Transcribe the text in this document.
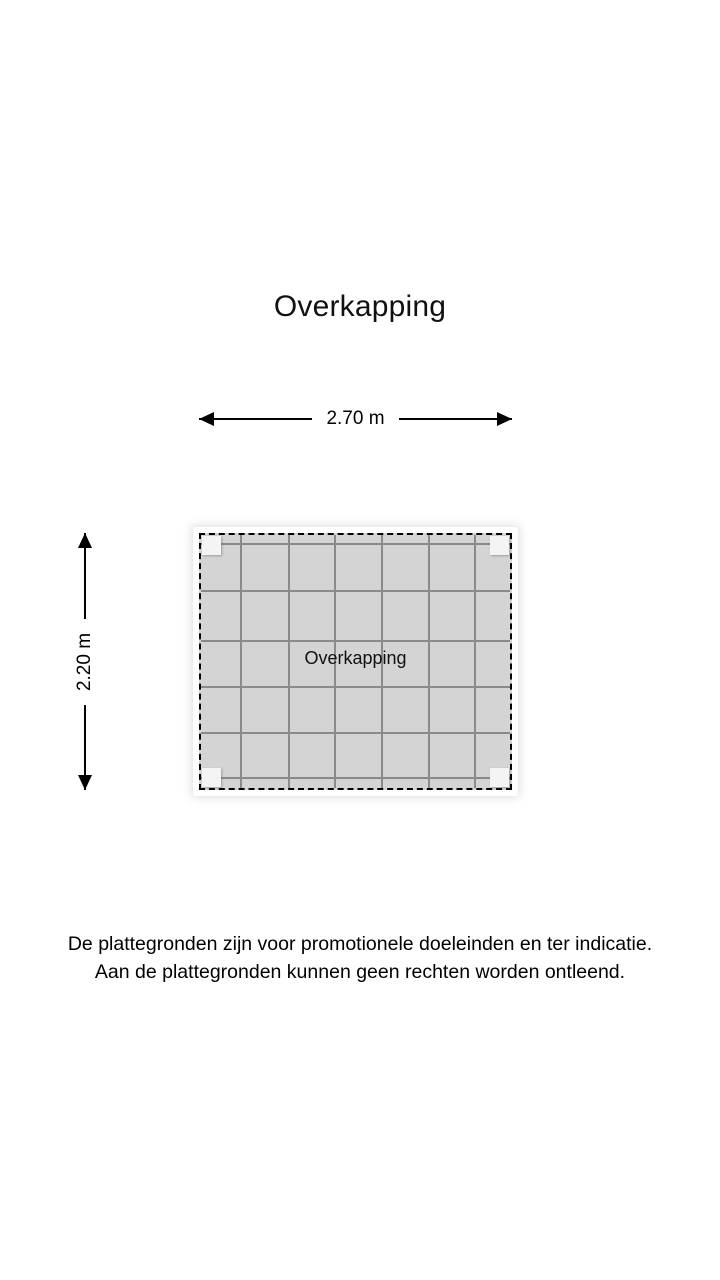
Overkapping
2.70 m
2.20 m	Overkapping
De plattegronden zijn voor promotionele doeleinden en ter indicatie.
Aan de plattegronden kunnen geen rechten worden ontleend.
